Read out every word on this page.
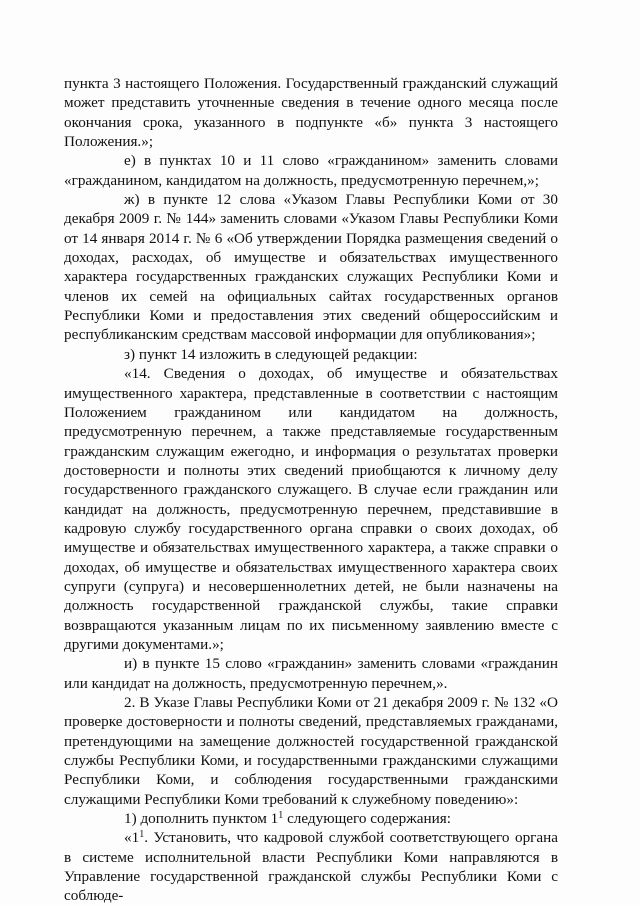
пункта 3 настоящего Положения. Государственный гражданский служащий может представить уточненные сведения в течение одного месяца после окончания срока, указанного в подпункте «б» пункта 3 настоящего Положения.»;

е) в пунктах 10 и 11 слово «гражданином» заменить словами «гражданином, кандидатом на должность, предусмотренную перечнем,»;

ж) в пункте 12 слова «Указом Главы Республики Коми от 30 декабря 2009 г. № 144» заменить словами «Указом Главы Республики Коми от 14 января 2014 г. № 6 «Об утверждении Порядка размещения сведений о доходах, расходах, об имуществе и обязательствах имущественного характера государственных гражданских служащих Республики Коми и членов их семей на официальных сайтах государственных органов Республики Коми и предоставления этих сведений общероссийским и республиканским средствам массовой информации для опубликования»;

з) пункт 14 изложить в следующей редакции:

«14. Сведения о доходах, об имуществе и обязательствах имущественного характера, представленные в соответствии с настоящим Положением гражданином или кандидатом на должность, предусмотренную перечнем, а также представляемые государственным гражданским служащим ежегодно, и информация о результатах проверки достоверности и полноты этих сведений приобщаются к личному делу государственного гражданского служащего. В случае если гражданин или кандидат на должность, предусмотренную перечнем, представившие в кадровую службу государственного органа справки о своих доходах, об имуществе и обязательствах имущественного характера, а также справки о доходах, об имуществе и обязательствах имущественного характера своих супруги (супруга) и несовершеннолетних детей, не были назначены на должность государственной гражданской службы, такие справки возвращаются указанным лицам по их письменному заявлению вместе с другими документами.»;

и) в пункте 15 слово «гражданин» заменить словами «гражданин или кандидат на должность, предусмотренную перечнем,».

2. В Указе Главы Республики Коми от 21 декабря 2009 г. № 132 «О проверке достоверности и полноты сведений, представляемых гражданами, претендующими на замещение должностей государственной гражданской службы Республики Коми, и государственными гражданскими служащими Республики Коми, и соблюдения государственными гражданскими служащими Республики Коми требований к служебному поведению»:

1) дополнить пунктом $1^1$ следующего содержания:

«$1^1$. Установить, что кадровой службой соответствующего органа в системе исполнительной власти Республики Коми направляются в Управление государственной гражданской службы Республики Коми с соблюде-
